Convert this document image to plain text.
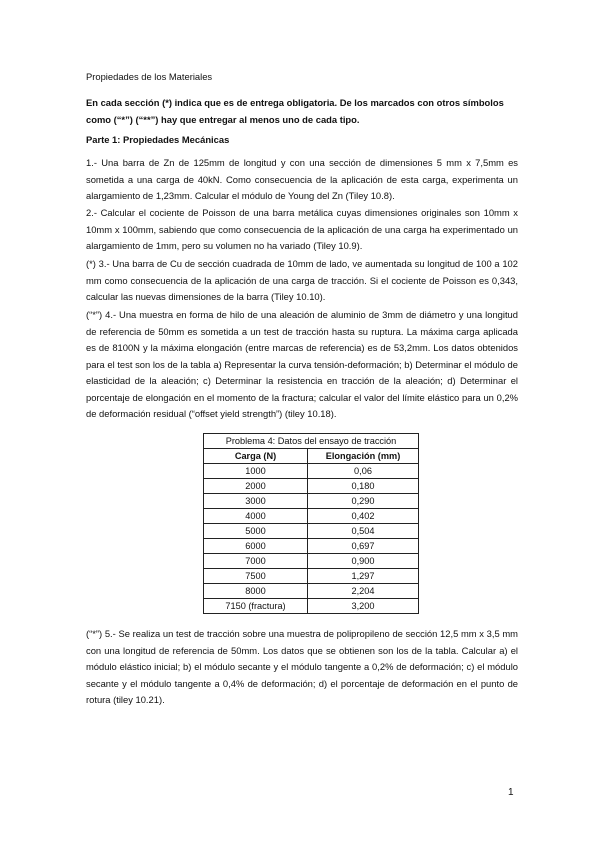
Propiedades de los Materiales
En cada sección (*) indica que es de entrega obligatoria. De los marcados con otros símbolos como (“*”) (“**”) hay que entregar al menos uno de cada tipo.
Parte 1: Propiedades Mecánicas
1.- Una barra de Zn de 125mm de longitud y con una sección de dimensiones 5 mm x 7,5mm es sometida a una carga de 40kN. Como consecuencia de la aplicación de esta carga, experimenta un alargamiento de 1,23mm. Calcular el módulo de Young del Zn (Tiley 10.8).
2.- Calcular el cociente de Poisson de una barra metálica cuyas dimensiones originales son 10mm x 10mm x 100mm, sabiendo que como consecuencia de la aplicación de una carga ha experimentado un alargamiento de 1mm, pero su volumen no ha variado (Tiley 10.9).
(*) 3.- Una barra de Cu de sección cuadrada de 10mm de lado, ve aumentada su longitud de 100 a 102 mm como consecuencia de la aplicación de una carga de tracción. Si el cociente de Poisson es 0,343, calcular las nuevas dimensiones de la barra (Tiley 10.10).
(“*”) 4.- Una muestra en forma de hilo de una aleación de aluminio de 3mm de diámetro y una longitud de referencia de 50mm es sometida a un test de tracción hasta su ruptura. La máxima carga aplicada es de 8100N y la máxima elongación (entre marcas de referencia) es de 53,2mm. Los datos obtenidos para el test son los de la tabla a) Representar la curva tensión-deformación; b) Determinar el módulo de elasticidad de la aleación; c) Determinar la resistencia en tracción de la aleación; d) Determinar el porcentaje de elongación en el momento de la fractura; calcular el valor del límite elástico para un 0,2% de deformación residual (“offset yield strength”) (tiley 10.18).
Problema 4: Datos del ensayo de tracción	
Carga (N)	Elongación (mm)
1000	0,06
2000	0,180
3000	0,290
4000	0,402
5000	0,504
6000	0,697
7000	0,900
7500	1,297
8000	2,204
7150 (fractura)	3,200
(“*”) 5.- Se realiza un test de tracción sobre una muestra de polipropileno de sección 12,5 mm x 3,5 mm con una longitud de referencia de 50mm. Los datos que se obtienen son los de la tabla. Calcular a) el módulo elástico inicial; b) el módulo secante y el módulo tangente a 0,2% de deformación; c) el módulo secante y el módulo tangente a 0,4% de deformación; d) el porcentaje de deformación en el punto de rotura (tiley 10.21).
1
